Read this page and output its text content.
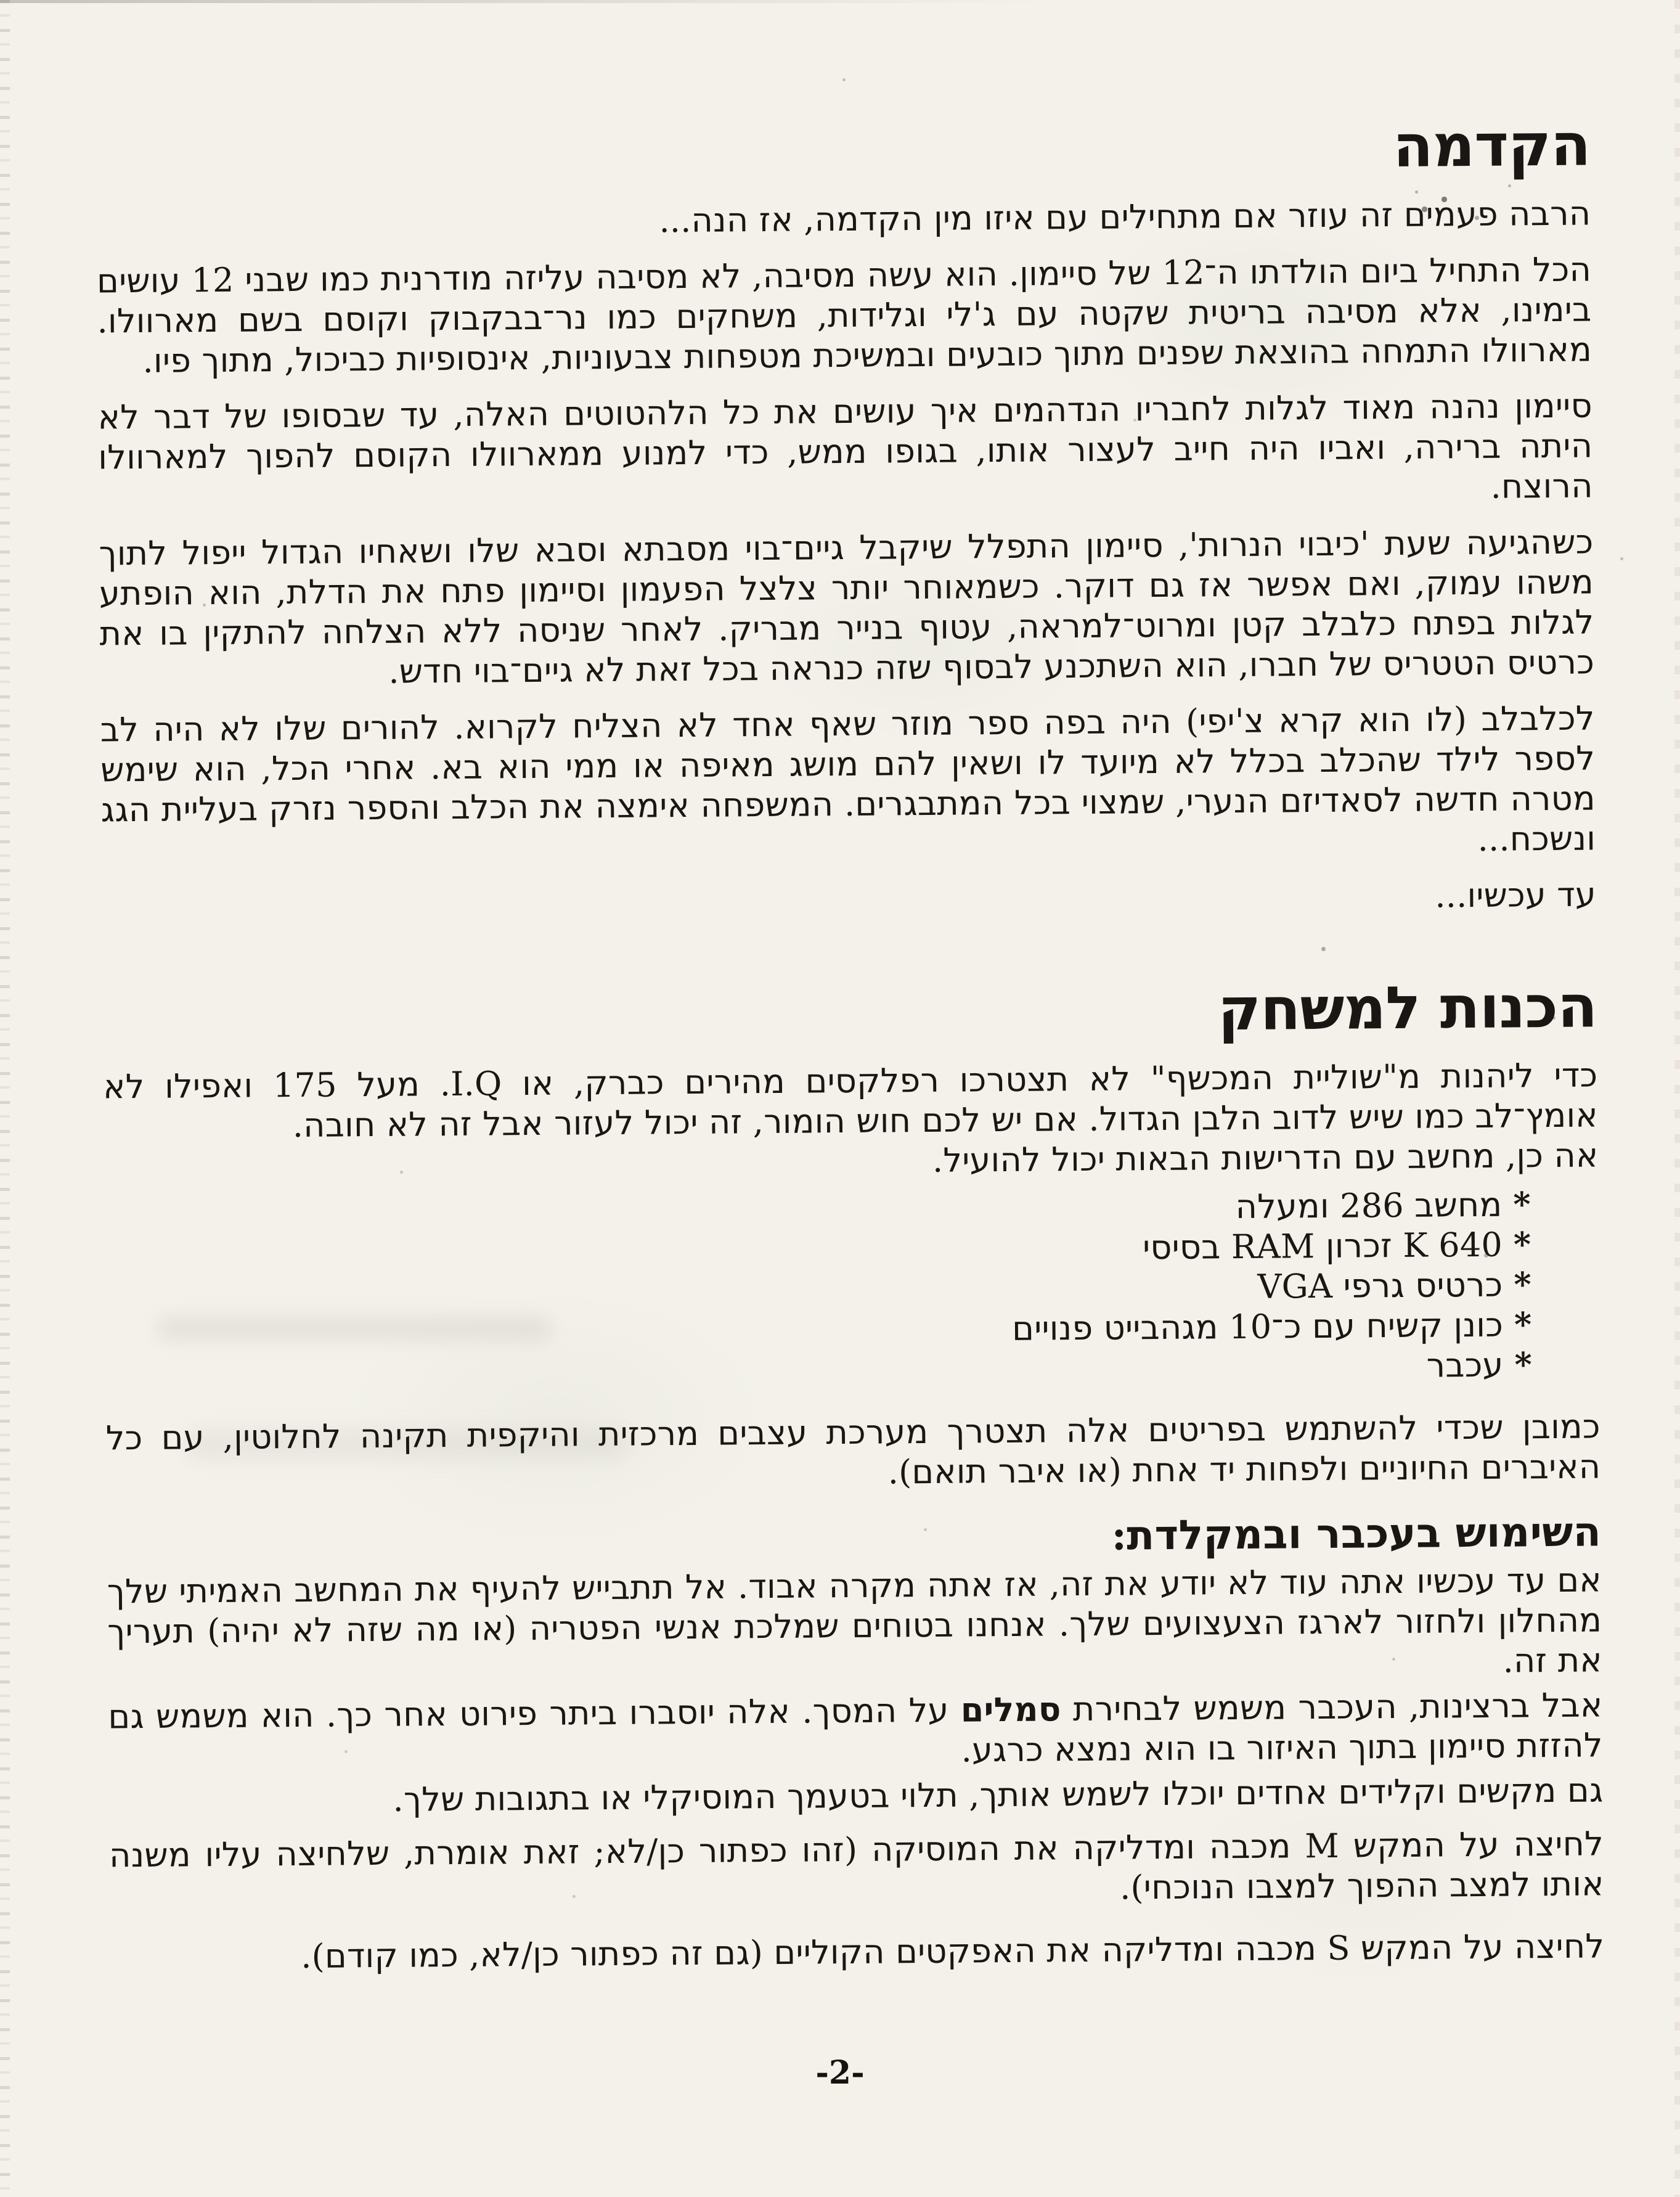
הקדמה

הרבה פעמים זה עוזר אם מתחילים עם איזו מין הקדמה, אז הנה...

הכל התחיל ביום הולדתו ה־12 של סיימון. הוא עשה מסיבה, לא מסיבה עליזה מודרנית כמו שבני 12 עושים בימינו, אלא מסיבה בריטית שקטה עם ג'לי וגלידות, משחקים כמו נר־בבקבוק וקוסם בשם מארוולו. מארוולו התמחה בהוצאת שפנים מתוך כובעים ובמשיכת מטפחות צבעוניות, אינסופיות כביכול, מתוך פיו.

סיימון נהנה מאוד לגלות לחבריו הנדהמים איך עושים את כל הלהטוטים האלה, עד שבסופו של דבר לא היתה ברירה, ואביו היה חייב לעצור אותו, בגופו ממש, כדי למנוע ממארוולו הקוסם להפוך למארוולו הרוצח.

כשהגיעה שעת 'כיבוי הנרות', סיימון התפלל שיקבל גיים־בוי מסבתא וסבא שלו ושאחיו הגדול ייפול לתוך משהו עמוק, ואם אפשר אז גם דוקר. כשמאוחר יותר צלצל הפעמון וסיימון פתח את הדלת, הוא הופתע לגלות בפתח כלבלב קטן ומרוט־למראה, עטוף בנייר מבריק. לאחר שניסה ללא הצלחה להתקין בו את כרטיס הטטריס של חברו, הוא השתכנע לבסוף שזה כנראה בכל זאת לא גיים־בוי חדש.

לכלבלב (לו הוא קרא צ'יפי) היה בפה ספר מוזר שאף אחד לא הצליח לקרוא. להורים שלו לא היה לב לספר לילד שהכלב בכלל לא מיועד לו ושאין להם מושג מאיפה או ממי הוא בא. אחרי הכל, הוא שימש מטרה חדשה לסאדיזם הנערי, שמצוי בכל המתבגרים. המשפחה אימצה את הכלב והספר נזרק בעליית הגג ונשכח...

עד עכשיו...

הכנות למשחק

כדי ליהנות מ"שוליית המכשף" לא תצטרכו רפלקסים מהירים כברק, או I.Q. מעל 175 ואפילו לא אומץ־לב כמו שיש לדוב הלבן הגדול. אם יש לכם חוש הומור, זה יכול לעזור אבל זה לא חובה.

אה כן, מחשב עם הדרישות הבאות יכול להועיל.

*מחשב 286 ומעלה
*640 K זכרון RAM בסיסי
*כרטיס גרפי VGA
*כונן קשיח עם כ־10 מגהבייט פנויים
*עכבר

כמובן שכדי להשתמש בפריטים אלה תצטרך מערכת עצבים מרכזית והיקפית תקינה לחלוטין, עם כל האיברים החיוניים ולפחות יד אחת (או איבר תואם).

השימוש בעכבר ובמקלדת:

אם עד עכשיו אתה עוד לא יודע את זה, אז אתה מקרה אבוד. אל תתבייש להעיף את המחשב האמיתי שלך מהחלון ולחזור לארגז הצעצועים שלך. אנחנו בטוחים שמלכת אנשי הפטריה (או מה שזה לא יהיה) תעריך את זה.

אבל ברצינות, העכבר משמש לבחירת סמלים על המסך. אלה יוסברו ביתר פירוט אחר כך. הוא משמש גם להזזת סיימון בתוך האיזור בו הוא נמצא כרגע.

גם מקשים וקלידים אחדים יוכלו לשמש אותך, תלוי בטעמך המוסיקלי או בתגובות שלך.

לחיצה על המקש M מכבה ומדליקה את המוסיקה (זהו כפתור כן/לא; זאת אומרת, שלחיצה עליו משנה אותו למצב ההפוך למצבו הנוכחי).

לחיצה על המקש S מכבה ומדליקה את האפקטים הקוליים (גם זה כפתור כן/לא, כמו קודם).

-2-
